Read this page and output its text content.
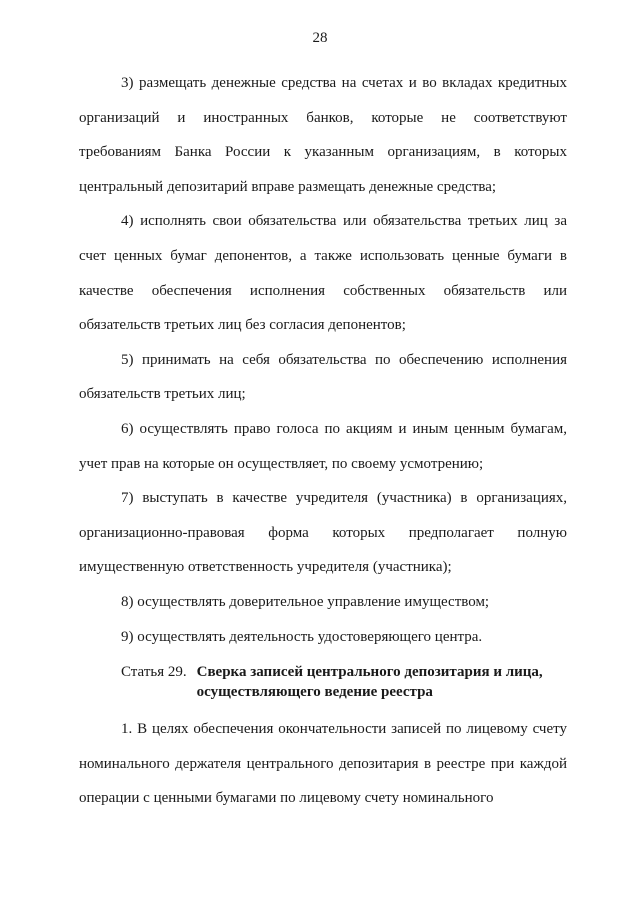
28

3) размещать денежные средства на счетах и во вкладах кредитных организаций и иностранных банков, которые не соответствуют требованиям Банка России к указанным организациям, в которых центральный депозитарий вправе размещать денежные средства;

4) исполнять свои обязательства или обязательства третьих лиц за счет ценных бумаг депонентов, а также использовать ценные бумаги в качестве обеспечения исполнения собственных обязательств или обязательств третьих лиц без согласия депонентов;

5) принимать на себя обязательства по обеспечению исполнения обязательств третьих лиц;

6) осуществлять право голоса по акциям и иным ценным бумагам, учет прав на которые он осуществляет, по своему усмотрению;

7) выступать в качестве учредителя (участника) в организациях, организационно-правовая форма которых предполагает полную имущественную ответственность учредителя (участника);

8) осуществлять доверительное управление имуществом;

9) осуществлять деятельность удостоверяющего центра.

Статья 29. Сверка записей центрального депозитария и лица, осуществляющего ведение реестра

1. В целях обеспечения окончательности записей по лицевому счету номинального держателя центрального депозитария в реестре при каждой операции с ценными бумагами по лицевому счету номинального
